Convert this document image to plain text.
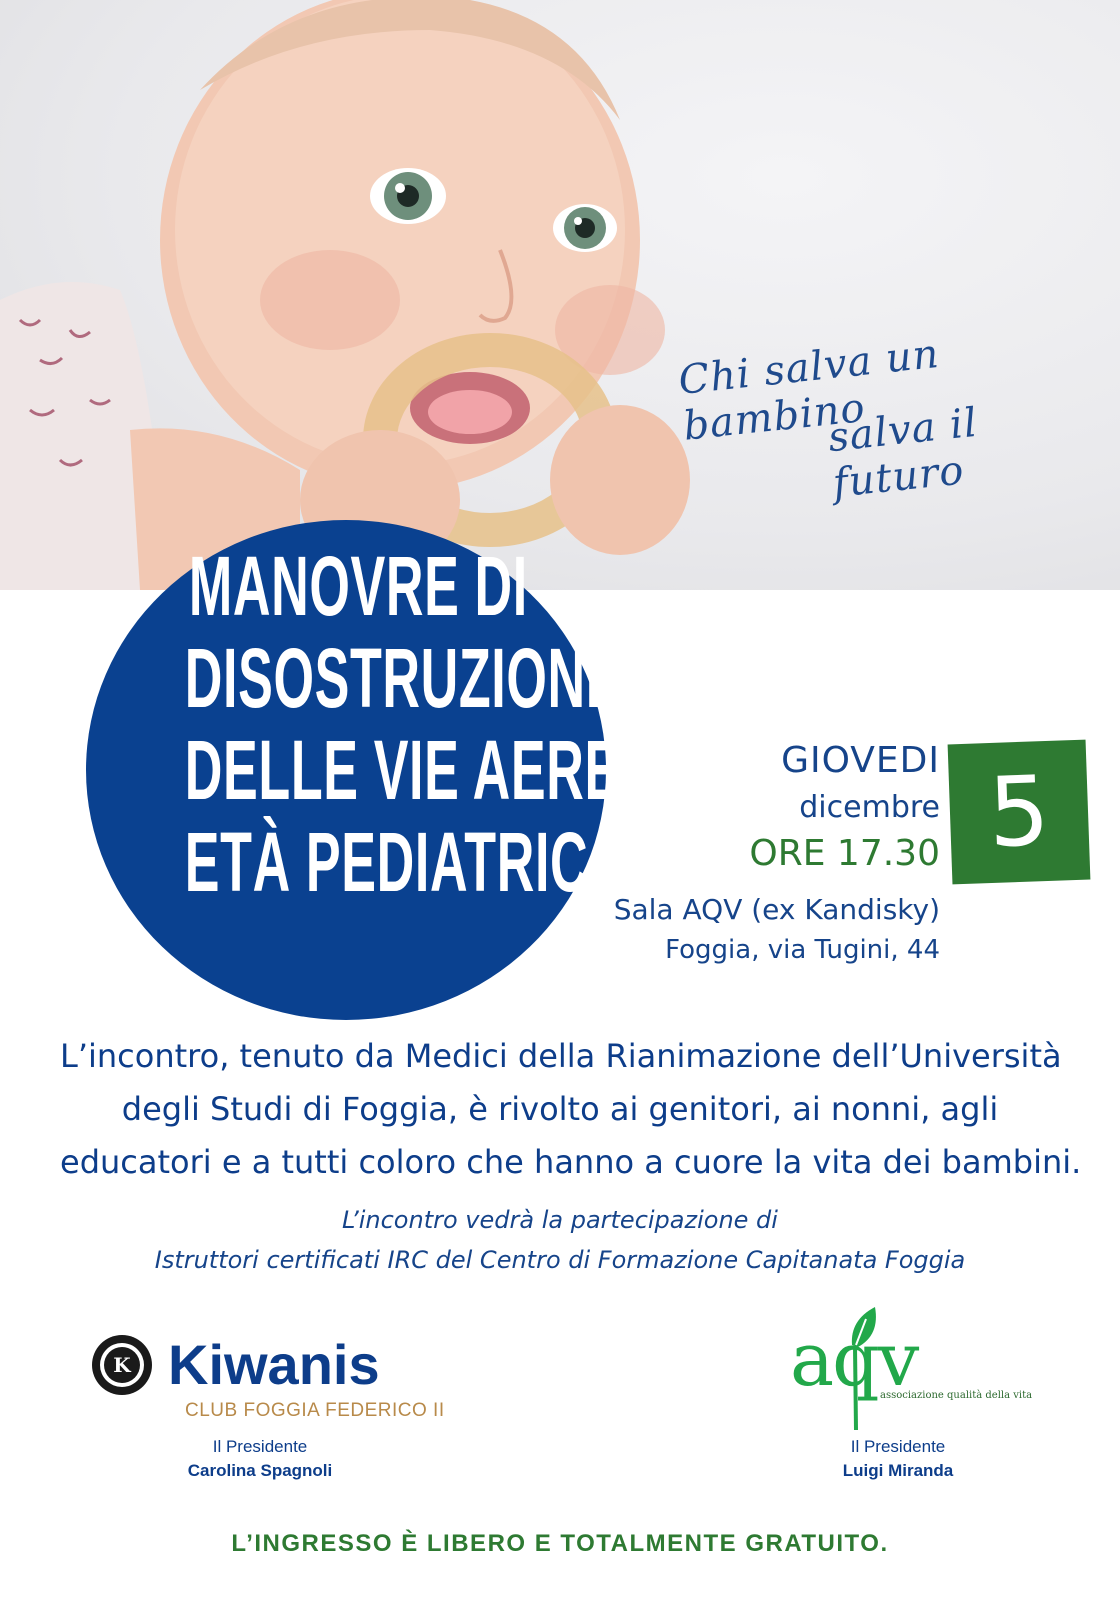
Chi salva un bambino
salva il futuro
MANOVRE DI
DISOSTRUZIONE
DELLE VIE AEREE IN
ETÀ PEDIATRICA
GIOVEDI
dicembre
ORE 17.30
Sala AQV (ex Kandisky)
Foggia, via Tugini, 44
5
L’incontro, tenuto da Medici della Rianimazione dell’Università
degli Studi di Foggia, è rivolto ai genitori, ai nonni, agli
educatori e a tutti coloro che hanno a cuore la vita dei bambini.
L’incontro vedrà la partecipazione di
Istruttori certificati IRC del Centro di Formazione Capitanata Foggia
K Kiwanis
CLUB FOGGIA FEDERICO II
Il Presidente
Carolina Spagnoli
aqv
associazione qualità della vita
Il Presidente
Luigi Miranda
L’INGRESSO È LIBERO E TOTALMENTE GRATUITO.
